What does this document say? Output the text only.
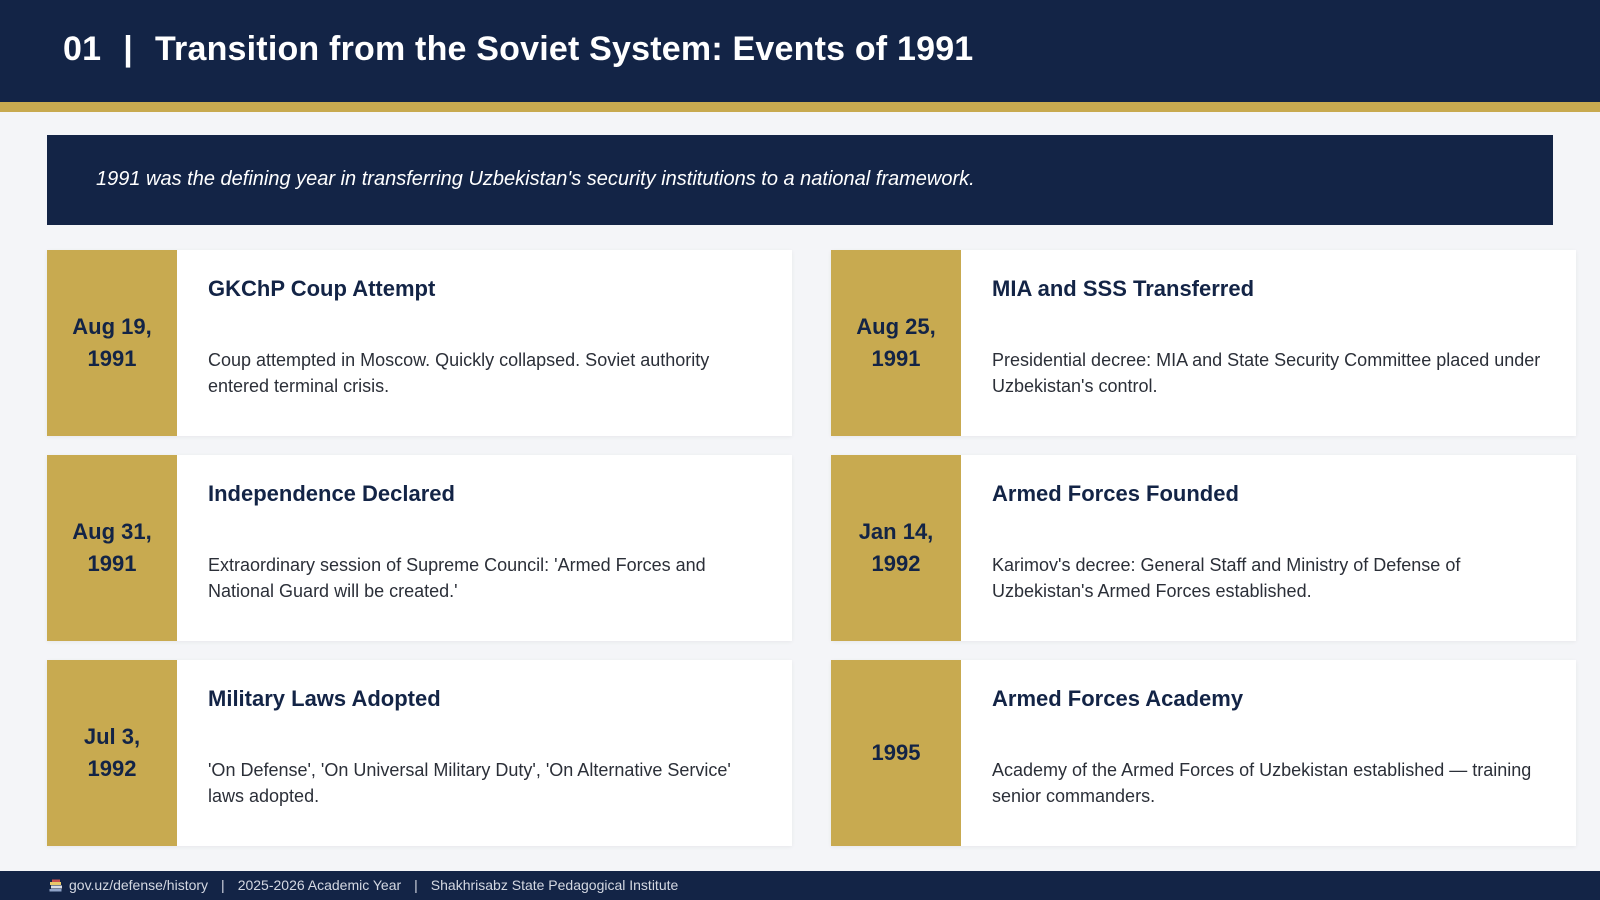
01 | Transition from the Soviet System: Events of 1991
1991 was the defining year in transferring Uzbekistan's security institutions to a national framework.
Aug 19, 1991
GKChP Coup Attempt
Coup attempted in Moscow. Quickly collapsed. Soviet authority entered terminal crisis.
Aug 25, 1991
MIA and SSS Transferred
Presidential decree: MIA and State Security Committee placed under Uzbekistan's control.
Aug 31, 1991
Independence Declared
Extraordinary session of Supreme Council: 'Armed Forces and National Guard will be created.'
Jan 14, 1992
Armed Forces Founded
Karimov's decree: General Staff and Ministry of Defense of Uzbekistan's Armed Forces established.
Jul 3, 1992
Military Laws Adopted
'On Defense', 'On Universal Military Duty', 'On Alternative Service' laws adopted.
1995
Armed Forces Academy
Academy of the Armed Forces of Uzbekistan established — training senior commanders.
gov.uz/defense/history | 2025-2026 Academic Year | Shakhrisabz State Pedagogical Institute
